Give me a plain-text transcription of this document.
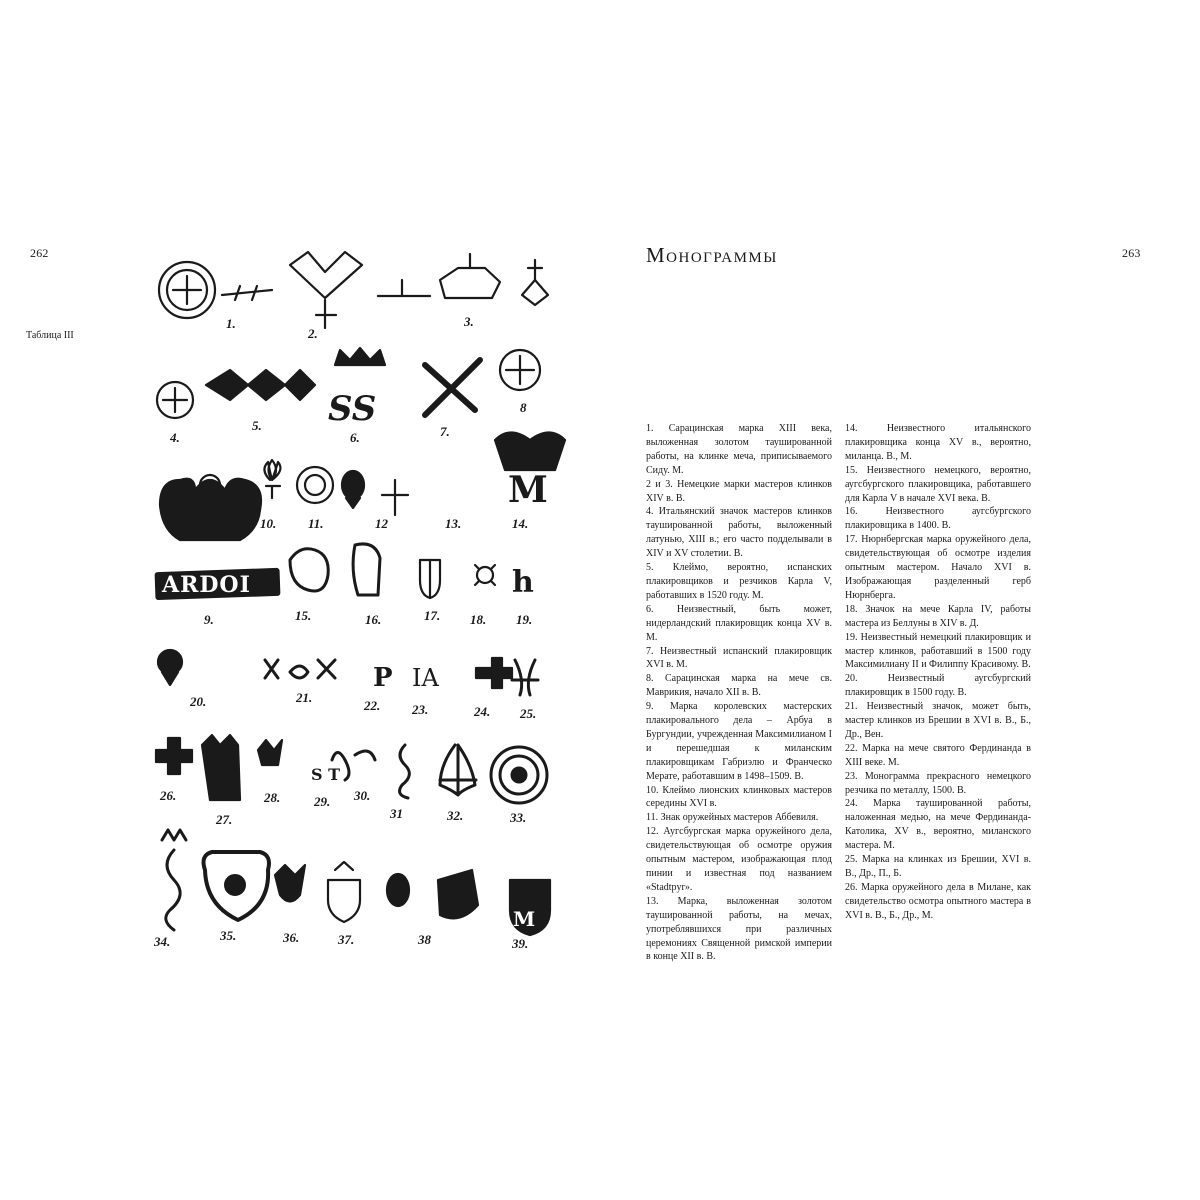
262
Таблица III
Монограммы	263
SS
M
P IA
S T
M
h
ARDOI
1.
2.
3.
4.
5.
6.	7.
8
9.
10. 11.	12	13.	14.
15.	16.	17. 18. 19.
20.	21.
22. 23.	24. 25.
26.
27.
28.	29. 30.
31	32.	33.
34.	35.	36.	37.	38	39.

1. Сарацинская марка XIII века, выложенная золотом таушированной работы, на клинке меча, приписываемого Сиду. М.

2 и 3. Немецкие марки мастеров клинков XIV в. В.

4. Итальянский значок мастеров клинков таушированной работы, выложенный латунью, XIII в.; его часто подделывали в XIV и XV столетии. В.

5. Клеймо, вероятно, испанских плакировщиков и резчиков Карла V, работавших в 1520 году. М.

6. Неизвестный, быть может, нидерландский плакировщик конца XV в. М.

7. Неизвестный испанский плакировщик XVI в. М.

8. Сарацинская марка на мече св. Маврикия, начало XII в. В.

9. Марка королевских мастерских плакировального дела – Арбуа в Бургундии, учрежденная Максимилианом I и перешедшая к миланским плакировщикам Габриэлю и Франческо Мерате, работавшим в 1498–1509. В.

10. Клеймо лионских клинковых мастеров середины XVI в.

11. Знак оружейных мастеров Аббевиля.

12. Аугсбургская марка оружейного дела, свидетельствующая об осмотре оружия опытным мастером, изображающая плод пинии и известная под названием «Stadtpyr».

13. Марка, выложенная золотом таушированной работы, на мечах, употреблявшихся при различных церемониях Священной римской империи в конце XII в. В.

14. Неизвестного итальянского плакировщика конца XV в., вероятно, миланца. В., М.

15. Неизвестного немецкого, вероятно, аугсбургского плакировщика, работавшего для Карла V в начале XVI века. В.

16. Неизвестного аугсбургского плакировщика в 1400. В.

17. Нюрнбергская марка оружейного дела, свидетельствующая об осмотре изделия опытным мастером. Начало XVI в. Изображающая разделенный герб Нюрнберга.

18. Значок на мече Карла IV, работы мастера из Беллуны в XIV в. Д.

19. Неизвестный немецкий плакировщик и мастер клинков, работавший в 1500 году Максимилиану II и Филиппу Красивому. В.

20. Неизвестный аугсбургский плакировщик в 1500 году. В.

21. Неизвестный значок, может быть, мастер клинков из Брешии в XVI в. В., Б., Др., Вен.

22. Марка на мече святого Фердинанда в XIII веке. М.

23. Монограмма прекрасного немецкого резчика по металлу, 1500. В.

24. Марка таушированной работы, наложенная медью, на мече Фердинанда-Католика, XV в., вероятно, миланского мастера. М.

25. Марка на клинках из Брешии, XVI в. В., Др., П., Б.

26. Марка оружейного дела в Милане, как свидетельство осмотра опытного мастера в XVI в. В., Б., Др., М.
